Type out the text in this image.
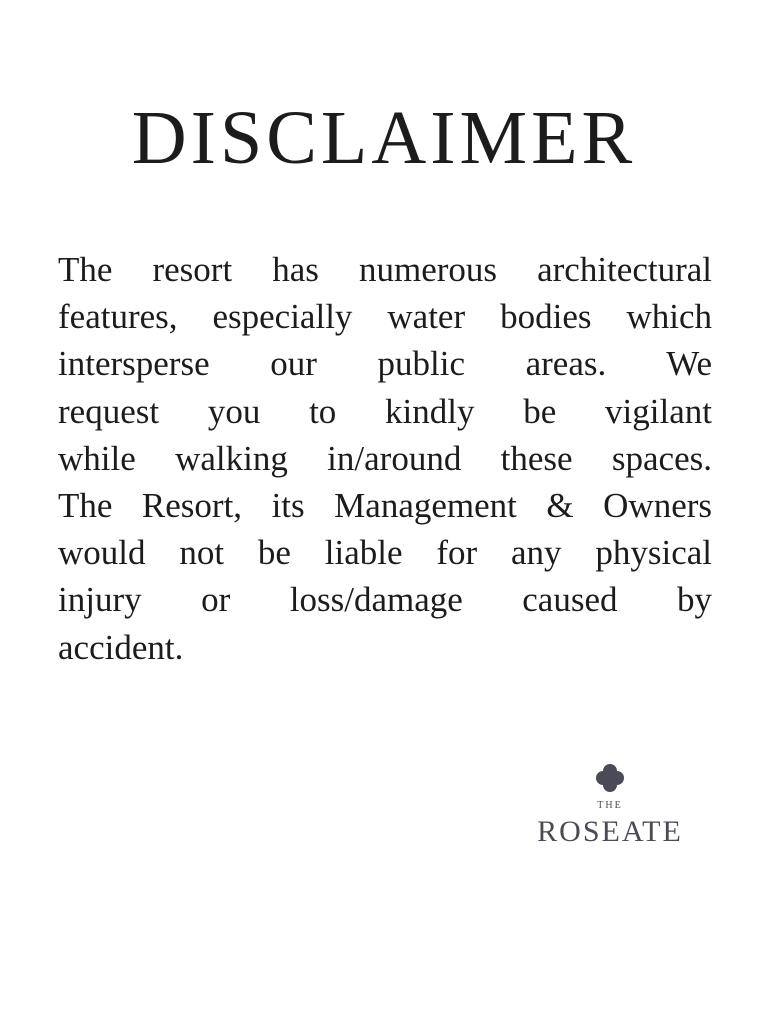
DISCLAIMER

The resort has numerous architectural
features, especially water bodies which
intersperse our public areas. We
request you to kindly be vigilant
while walking in/around these spaces.
The Resort, its Management & Owners
would not be liable for any physical
injury or loss/damage caused by
accident.

THE
ROSEATE
